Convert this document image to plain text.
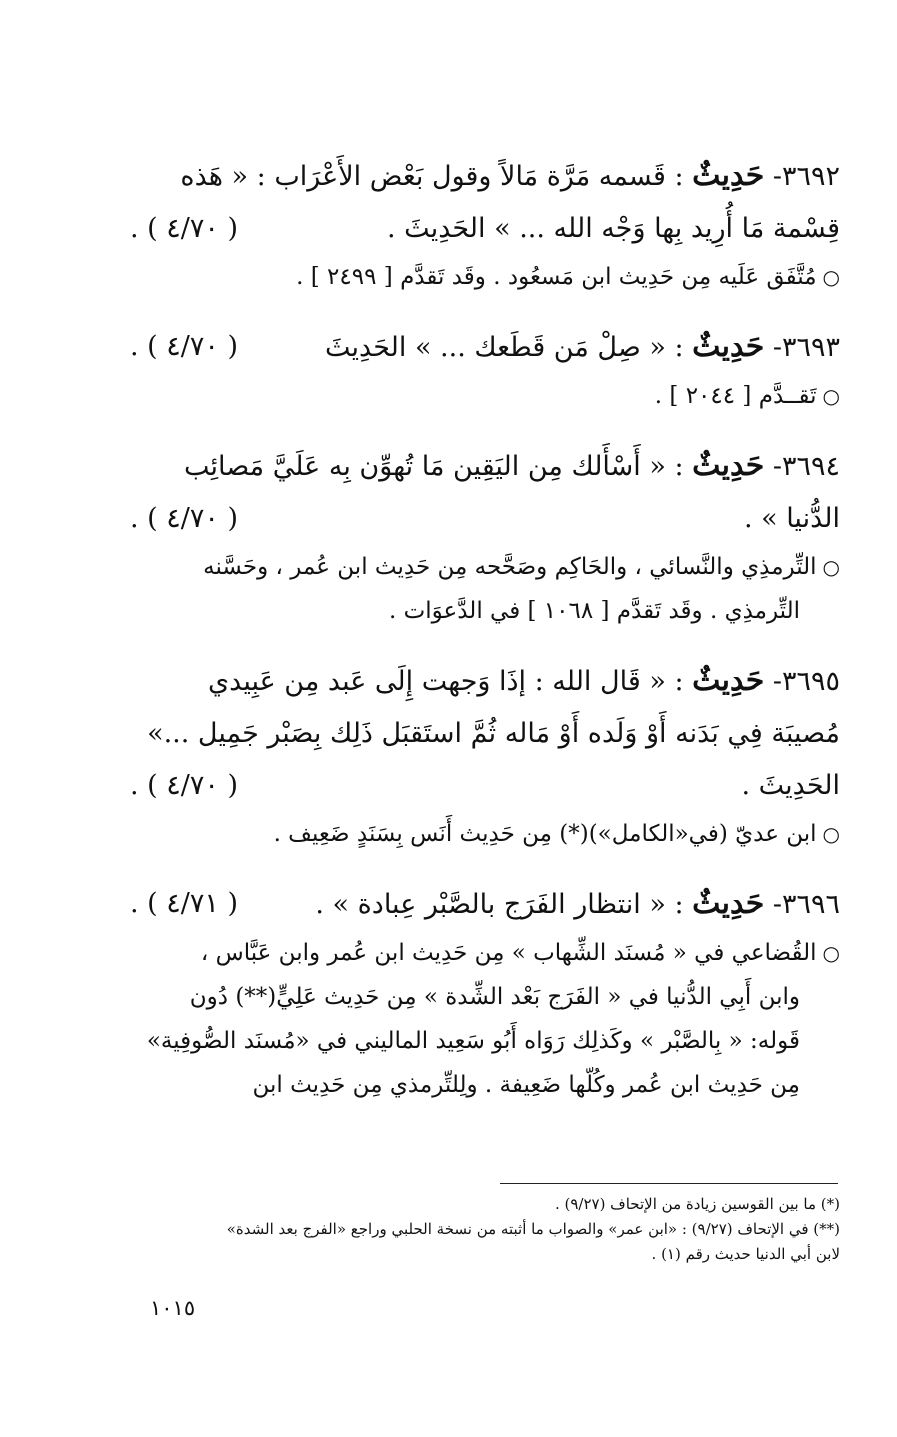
٣٦٩٢- حَدِيثٌ : قَسمه مَرَّة مَالاً وقول بَعْض الأَعْرَاب : « هَذه
قِسْمة مَا أُرِيد بِها وَجْه الله ... » الحَدِيثَ .
( ٤/٧٠ ) .
○مُتَّفَق عَلَيه مِن حَدِيث ابن مَسعُود . وقَد تَقدَّم [ ٢٤٩٩ ] .
٣٦٩٣- حَدِيثٌ : « صِلْ مَن قَطَعك ... » الحَدِيثَ
( ٤/٧٠ ) .
○تَقــدَّم [ ٢٠٤٤ ] .
٣٦٩٤- حَدِيثٌ : « أَسْأَلك مِن اليَقِين مَا تُهوِّن بِه عَلَيَّ مَصائِب
الدُّنيا » .
( ٤/٧٠ ) .
○التِّرمذِي والنَّسائي ، والحَاكِم وصَحَّحه مِن حَدِيث ابن عُمر ، وحَسَّنه
التِّرمذِي . وقَد تَقدَّم [ ١٠٦٨ ] في الدَّعوَات .
٣٦٩٥- حَدِيثٌ : « قَال الله : إذَا وَجهت إِلَى عَبد مِن عَبِيدي
مُصيبَة فِي بَدَنه أَوْ وَلَده أَوْ مَاله ثُمَّ استَقبَل ذَلِك بِصَبْر جَمِيل ...»
الحَدِيثَ .
( ٤/٧٠ ) .
○ابن عديّ (في«الكامل»)(*) مِن حَدِيث أَنَس بِسَنَدٍ ضَعِيف .
٣٦٩٦- حَدِيثٌ : « انتظار الفَرَج بالصَّبْر عِبادة » .
( ٤/٧١ ) .
○القُضاعي في « مُسنَد الشِّهاب » مِن حَدِيث ابن عُمر وابن عَبَّاس ،
وابن أَبِي الدُّنيا في « الفَرَج بَعْد الشِّدة » مِن حَدِيث عَلِيٍّ(**) دُون
قَوله: « بِالصَّبْر » وكَذلِك رَوَاه أَبُو سَعِيد الماليني في «مُسنَد الصُّوفِية»
مِن حَدِيث ابن عُمر وكُلّها ضَعِيفة . ولِلتِّرمذي مِن حَدِيث ابن
(*) ما بين القوسين زيادة من الإتحاف (٩/٢٧) .
(**) في الإتحاف (٩/٢٧) : «ابن عمر» والصواب ما أثبته من نسخة الحلبي وراجع «الفرج بعد الشدة»
لابن أبي الدنيا حديث رقم (١) .
١٠١٥
